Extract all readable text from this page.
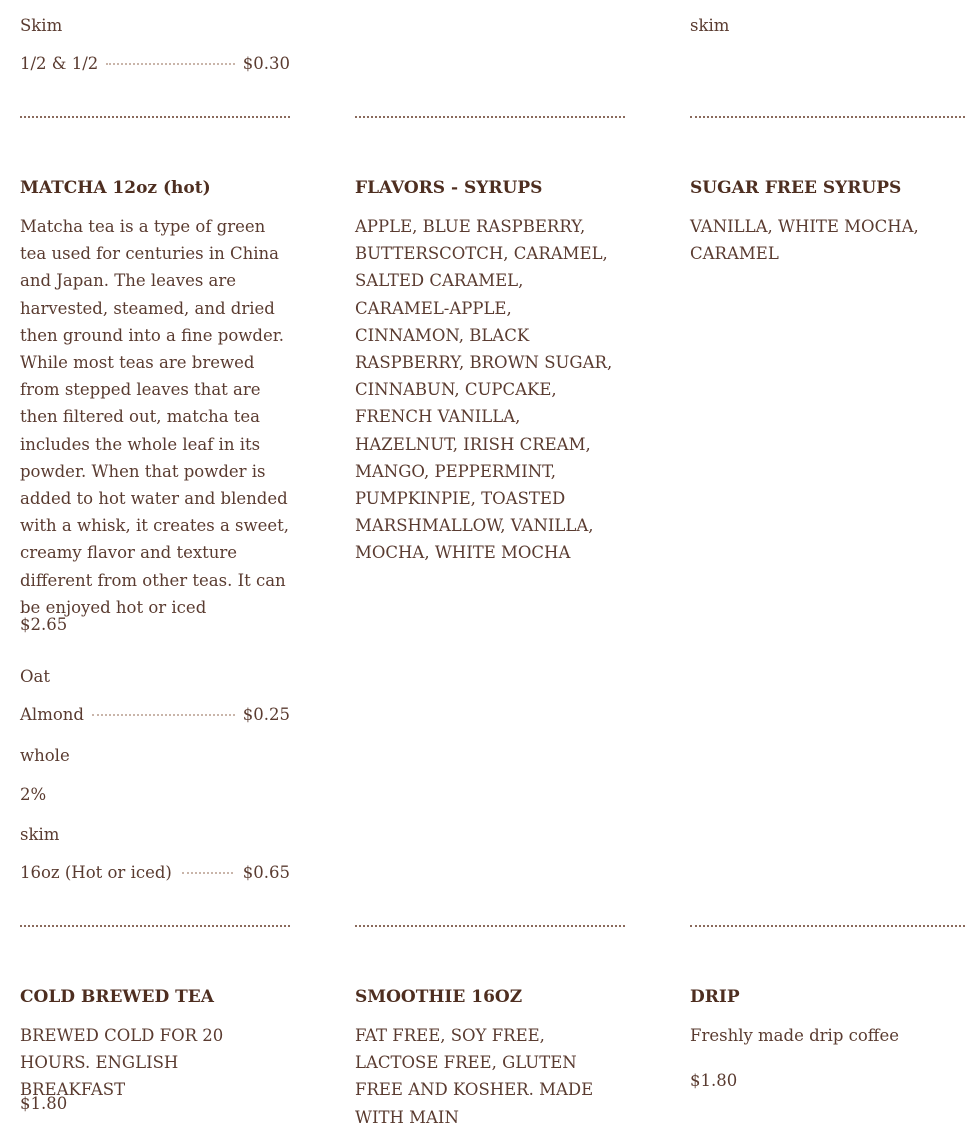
Skim
1/2 & 1/2	$0.30
skim
MATCHA 12oz (hot)
Matcha tea is a type of green tea used for centuries in China and Japan. The leaves are harvested, steamed, and dried then ground into a fine powder. While most teas are brewed from stepped leaves that are then filtered out, matcha tea includes the whole leaf in its powder. When that powder is added to hot water and blended with a whisk, it creates a sweet, creamy flavor and texture different from other teas. It can be enjoyed hot or iced
$2.65
Oat
Almond	$0.25
whole
2%
skim
16oz (Hot or iced)	$0.65
FLAVORS - SYRUPS
APPLE, BLUE RASPBERRY, BUTTERSCOTCH, CARAMEL, SALTED CARAMEL, CARAMEL-APPLE, CINNAMON, BLACK RASPBERRY, BROWN SUGAR, CINNABUN, CUPCAKE, FRENCH VANILLA, HAZELNUT, IRISH CREAM, MANGO, PEPPERMINT, PUMPKINPIE, TOASTED MARSHMALLOW, VANILLA, MOCHA, WHITE MOCHA
SUGAR FREE SYRUPS
VANILLA, WHITE MOCHA, CARAMEL
COLD BREWED TEA
BREWED COLD FOR 20 HOURS. ENGLISH BREAKFAST
$1.80
SMOOTHIE 16OZ
FAT FREE, SOY FREE, LACTOSE FREE, GLUTEN FREE AND KOSHER. MADE WITH MAIN
DRIP
Freshly made drip coffee
$1.80
